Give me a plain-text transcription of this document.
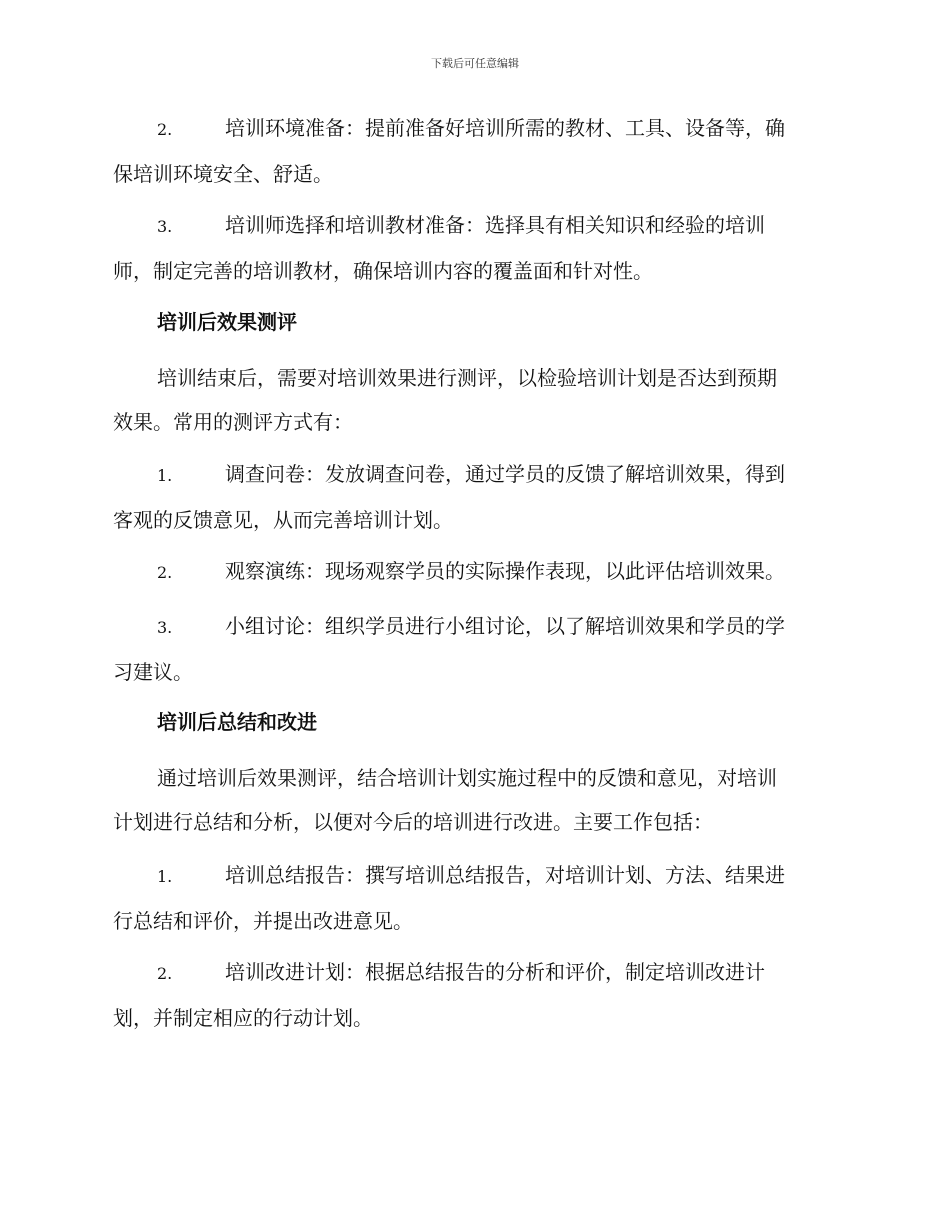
下载后可任意编辑
2.	培训环境准备：提前准备好培训所需的教材、工具、设备等，确
保培训环境安全、舒适。
3.	培训师选择和培训教材准备：选择具有相关知识和经验的培训
师，制定完善的培训教材，确保培训内容的覆盖面和针对性。
培训后效果测评
培训结束后，需要对培训效果进行测评，以检验培训计划是否达到预期
效果。常用的测评方式有：
1.	调查问卷：发放调查问卷，通过学员的反馈了解培训效果，得到
客观的反馈意见，从而完善培训计划。
2.	观察演练：现场观察学员的实际操作表现，以此评估培训效果。
3.	小组讨论：组织学员进行小组讨论，以了解培训效果和学员的学
习建议。
培训后总结和改进
通过培训后效果测评，结合培训计划实施过程中的反馈和意见，对培训
计划进行总结和分析，以便对今后的培训进行改进。主要工作包括：
1.	培训总结报告：撰写培训总结报告，对培训计划、方法、结果进
行总结和评价，并提出改进意见。
2.	培训改进计划：根据总结报告的分析和评价，制定培训改进计
划，并制定相应的行动计划。
